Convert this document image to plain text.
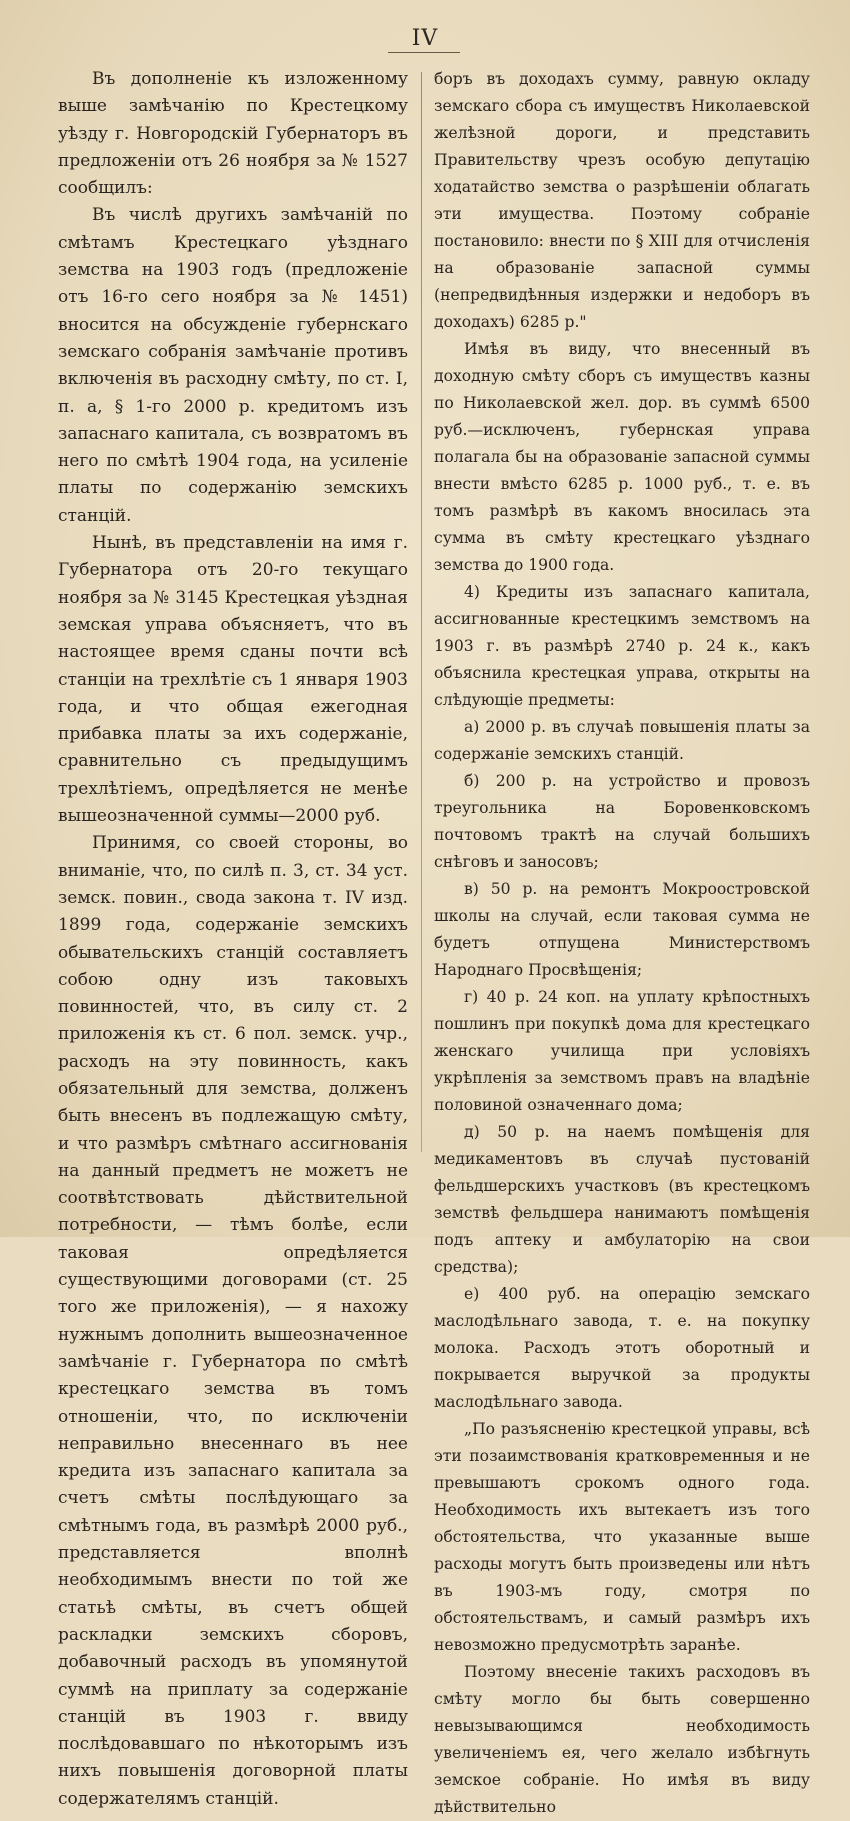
IV

Въ дополненіе къ изложенному выше замѣчанію по Крестецкому уѣзду г. Новгородскій Губернаторъ въ предложеніи отъ 26 ноября за № 1527 сообщилъ:

Въ числѣ другихъ замѣчаній по смѣтамъ Крестецкаго уѣзднаго земства на 1903 годъ (предложеніе отъ 16-го сего ноября за № 1451) вносится на обсужденіе губернскаго земскаго собранія замѣчаніе противъ включенія въ расходну смѣту, по ст. I, п. а, § 1-го 2000 р. кредитомъ изъ запаснаго капитала, съ возвратомъ въ него по смѣтѣ 1904 года, на усиленіе платы по содержанію земскихъ станцій.

Нынѣ, въ представленіи на имя г. Губернатора отъ 20-го текущаго ноября за № 3145 Крестецкая уѣздная земская управа объясняетъ, что въ настоящее время сданы почти всѣ станціи на трехлѣтіе съ 1 января 1903 года, и что общая ежегодная прибавка платы за ихъ содержаніе, сравнительно съ предыдущимъ трехлѣтіемъ, опредѣляется не менѣе вышеозначенной суммы—2000 руб.

Принимя, со своей стороны, во вниманіе, что, по силѣ п. 3, ст. 34 уст. земск. повин., свода закона т. IV изд. 1899 года, содержаніе земскихъ обывательскихъ станцій составляетъ собою одну изъ таковыхъ повинностей, что, въ силу ст. 2 приложенія къ ст. 6 пол. земск. учр., расходъ на эту повинность, какъ обязательный для земства, долженъ быть внесенъ въ подлежащую смѣту, и что размѣръ смѣтнаго ассигнованія на данный предметъ не можетъ не соотвѣтствовать дѣйствительной потребности, — тѣмъ болѣе, если таковая опредѣляется существующими договорами (ст. 25 того же приложенія), — я нахожу нужнымъ дополнить вышеозначенное замѣчаніе г. Губернатора по смѣтѣ крестецкаго земства въ томъ отношеніи, что, по исключеніи неправильно внесеннаго въ нее кредита изъ запаснаго капитала за счетъ смѣты послѣдующаго за смѣтнымъ года, въ размѣрѣ 2000 руб., представляется вполнѣ необходимымъ внести по той же статьѣ смѣты, въ счетъ общей раскладки земскихъ сборовъ, добавочный расходъ въ упомянутой суммѣ на приплату за содержаніе станцій въ 1903 г. ввиду послѣдовавшаго по нѣкоторымъ изъ нихъ повышенія договорной платы содержателямъ станцій.

боръ въ доходахъ сумму, равную окладу земскаго сбора съ имуществъ Николаевской желѣзной дороги, и представить Правительству чрезъ особую депутацію ходатайство земства о разрѣшеніи облагать эти имущества. Поэтому собраніе постановило: внести по § XIII для отчисленія на образованіе запасной суммы (непредвидѣнныя издержки и недоборъ въ доходахъ) 6285 р."

Имѣя въ виду, что внесенный въ доходную смѣту сборъ съ имуществъ казны по Николаевской жел. дор. въ суммѣ 6500 руб.—исключенъ, губернская управа полагала бы на образованіе запасной суммы внести вмѣсто 6285 р. 1000 руб., т. е. въ томъ размѣрѣ въ какомъ вносилась эта сумма въ смѣту крестецкаго уѣзднаго земства до 1900 года.

4) Кредиты изъ запаснаго капитала, ассигнованные крестецкимъ земствомъ на 1903 г. въ размѣрѣ 2740 р. 24 к., какъ объяснила крестецкая управа, открыты на слѣдующіе предметы:

а) 2000 р. въ случаѣ повышенія платы за содержаніе земскихъ станцій.

б) 200 р. на устройство и провозъ треугольника на Боровенковскомъ почтовомъ трактѣ на случай большихъ снѣговъ и заносовъ;

в) 50 р. на ремонтъ Мокроостровской школы на случай, если таковая сумма не будетъ отпущена Министерствомъ Народнаго Просвѣщенія;

г) 40 р. 24 коп. на уплату крѣпостныхъ пошлинъ при покупкѣ дома для крестецкаго женскаго училища при условіяхъ укрѣпленія за земствомъ правъ на владѣніе половиной означеннаго дома;

д) 50 р. на наемъ помѣщенія для медикаментовъ въ случаѣ пустованій фельдшерскихъ участковъ (въ крестецкомъ земствѣ фельдшера нанимаютъ помѣщенія подъ аптеку и амбулаторію на свои средства);

е) 400 руб. на операцію земскаго маслодѣльнаго завода, т. е. на покупку молока. Расходъ этотъ оборотный и покрывается выручкой за продукты маслодѣльнаго завода.

„По разъясненію крестецкой управы, всѣ эти позаимствованія кратковременныя и не превышаютъ срокомъ одного года. Необходимость ихъ вытекаетъ изъ того обстоятельства, что указанные выше расходы могутъ быть произведены или нѣтъ въ 1903-мъ году, смотря по обстоятельствамъ, и самый размѣръ ихъ невозможно предусмотрѣть заранѣе.

Поэтому внесеніе такихъ расходовъ въ смѣту могло бы быть совершенно невызывающимся необходимость увеличеніемъ ея, чего желало избѣгнуть земское собраніе. Но имѣя въ виду дѣйствительно
